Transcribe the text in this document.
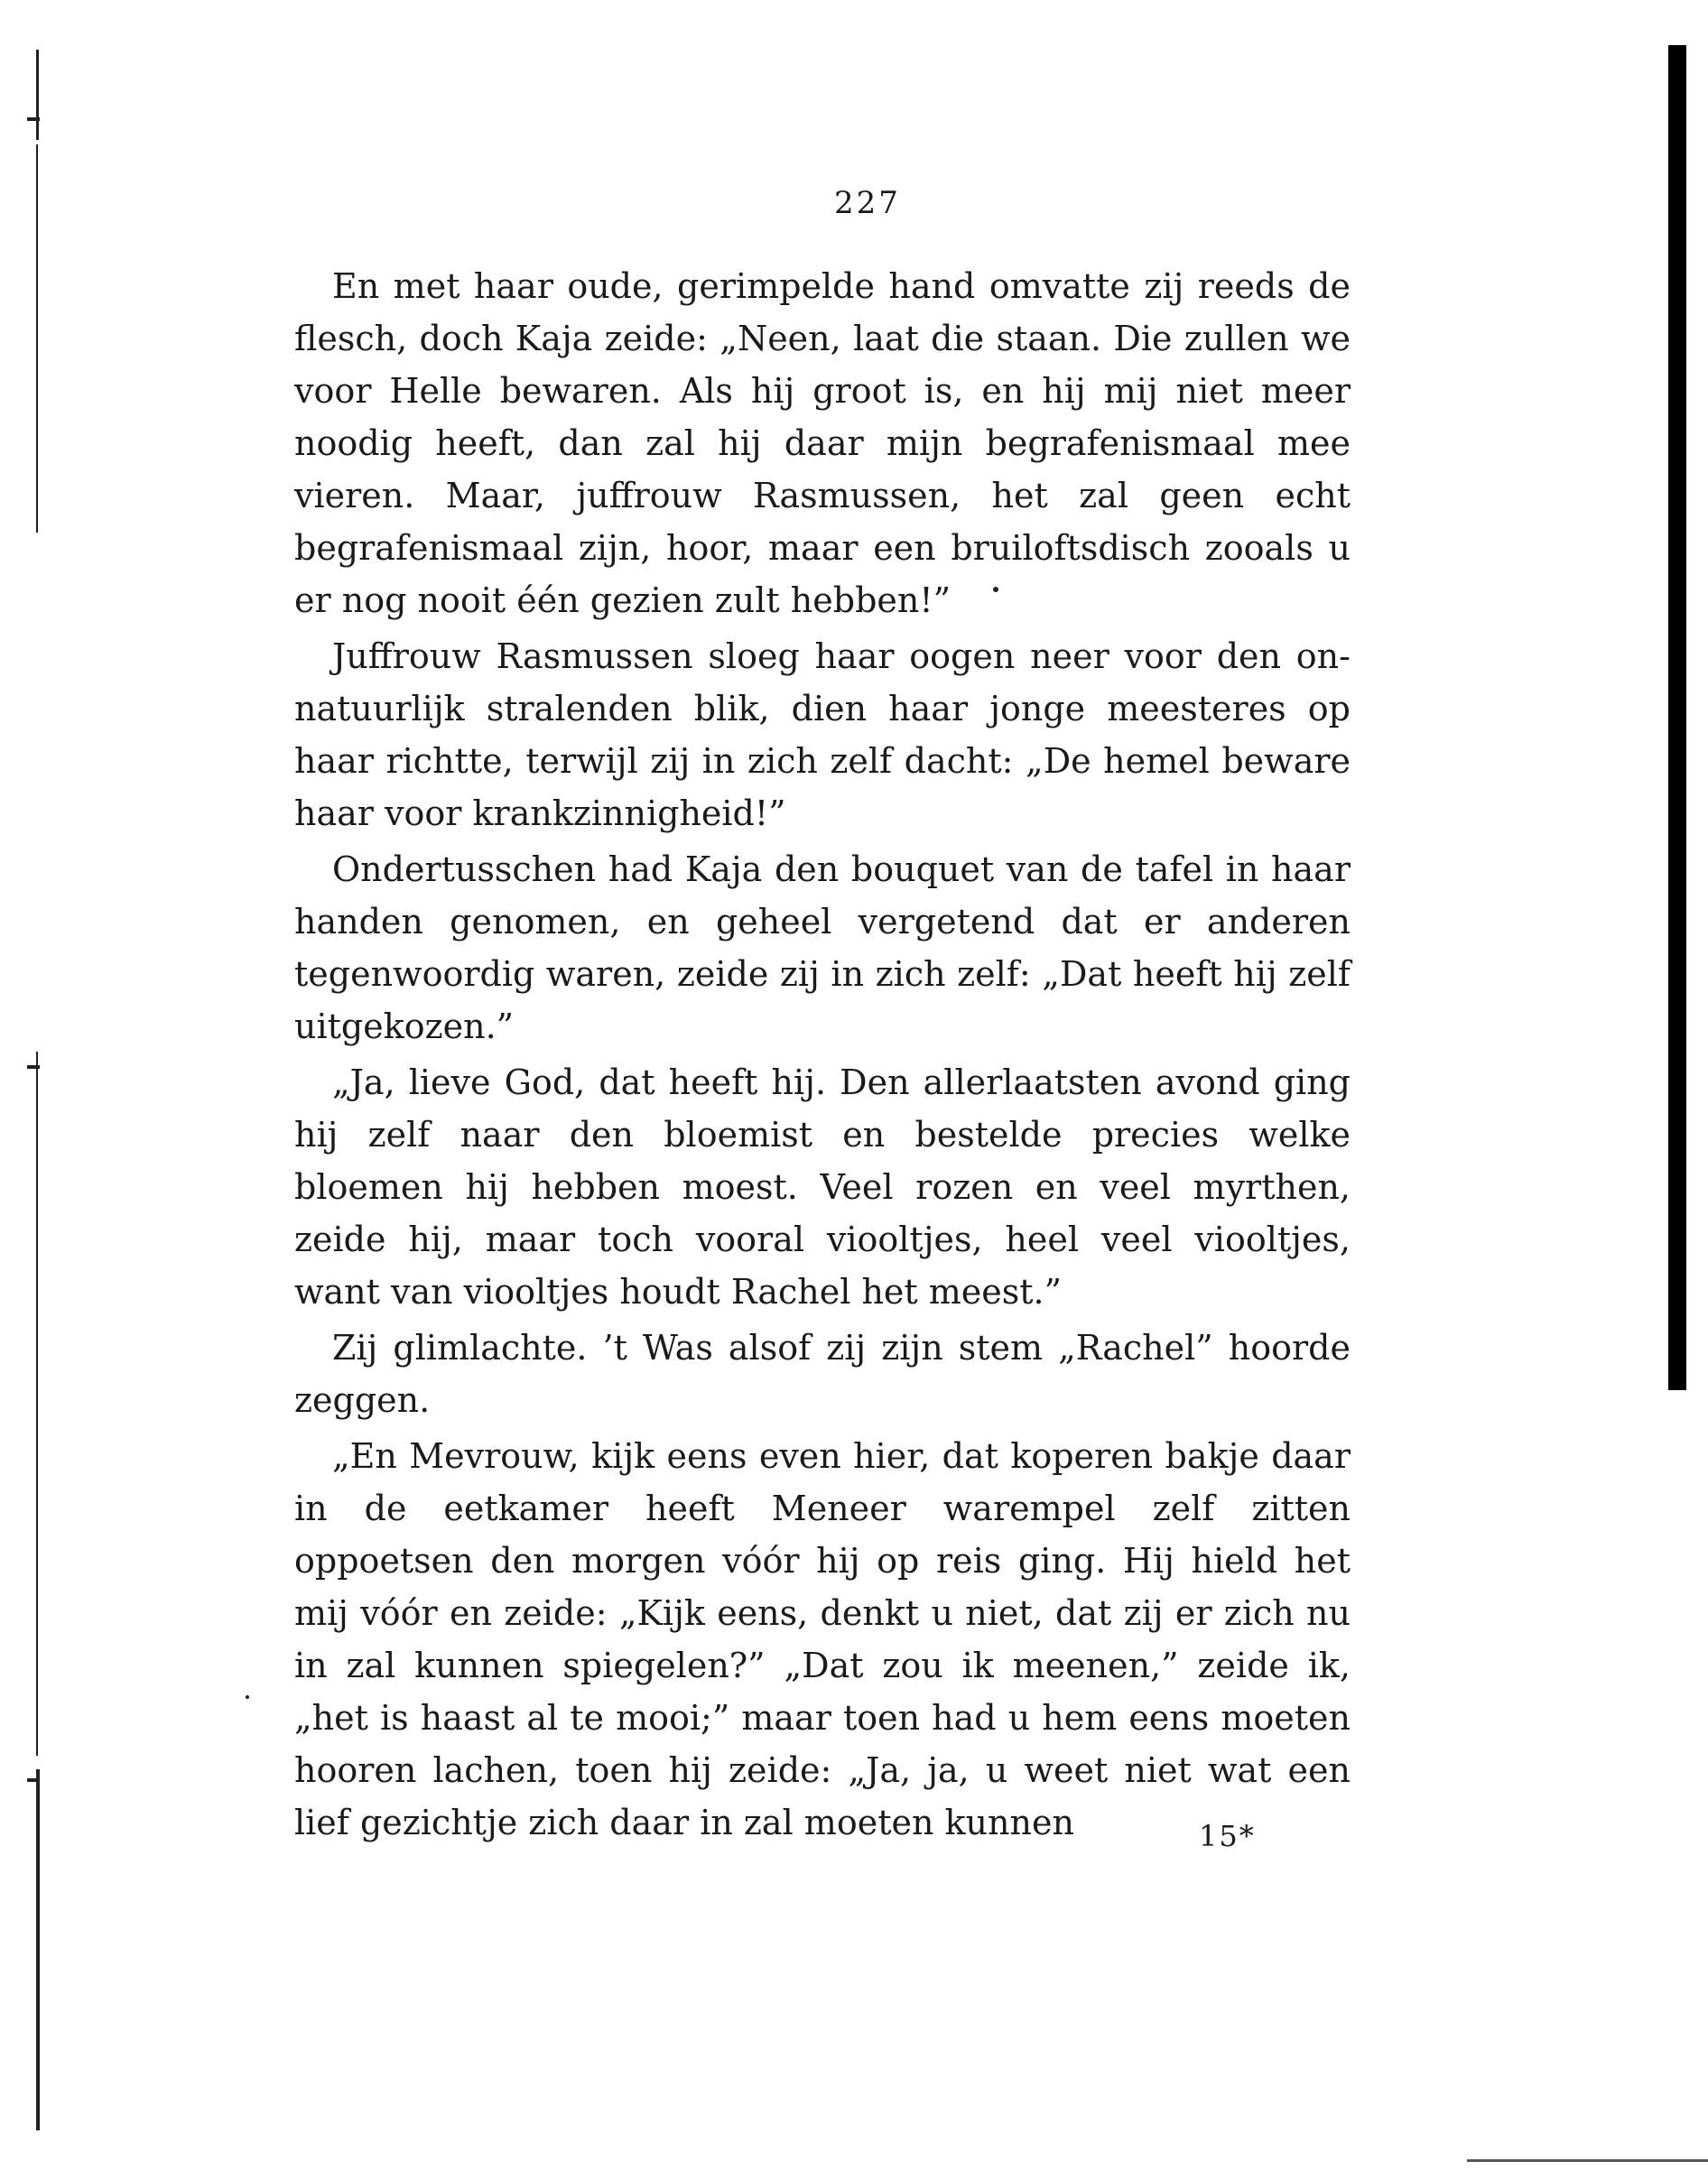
227

En met haar oude, gerimpelde hand omvatte zij reeds de flesch, doch Kaja zeide: „Neen, laat die staan. Die zullen we voor Helle bewaren. Als hij groot is, en hij mij niet meer noodig heeft, dan zal hij daar mijn begrafenismaal mee vieren. Maar, juffrouw Rasmussen, het zal geen echt begrafenismaal zijn, hoor, maar een bruiloftsdisch zooals u er nog nooit één gezien zult hebben!”

Juffrouw Rasmussen sloeg haar oogen neer voor den onnatuurlijk stralenden blik, dien haar jonge meesteres op haar richtte, terwijl zij in zich zelf dacht: „De hemel beware haar voor krankzinnigheid!”

Ondertusschen had Kaja den bouquet van de tafel in haar handen genomen, en geheel vergetend dat er anderen tegenwoordig waren, zeide zij in zich zelf: „Dat heeft hij zelf uitgekozen.”

„Ja, lieve God, dat heeft hij. Den allerlaatsten avond ging hij zelf naar den bloemist en bestelde precies welke bloemen hij hebben moest. Veel rozen en veel myrthen, zeide hij, maar toch vooral viooltjes, heel veel viooltjes, want van viooltjes houdt Rachel het meest.”

Zij glimlachte. ’t Was alsof zij zijn stem „Rachel” hoorde zeggen.

„En Mevrouw, kijk eens even hier, dat koperen bakje daar in de eetkamer heeft Meneer warempel zelf zitten oppoetsen den morgen vóór hij op reis ging. Hij hield het mij vóór en zeide: „Kijk eens, denkt u niet, dat zij er zich nu in zal kunnen spiegelen?” „Dat zou ik meenen,” zeide ik, „het is haast al te mooi;” maar toen had u hem eens moeten hooren lachen, toen hij zeide: „Ja, ja, u weet niet wat een lief gezichtje zich daar in zal moeten kunnen	15*
